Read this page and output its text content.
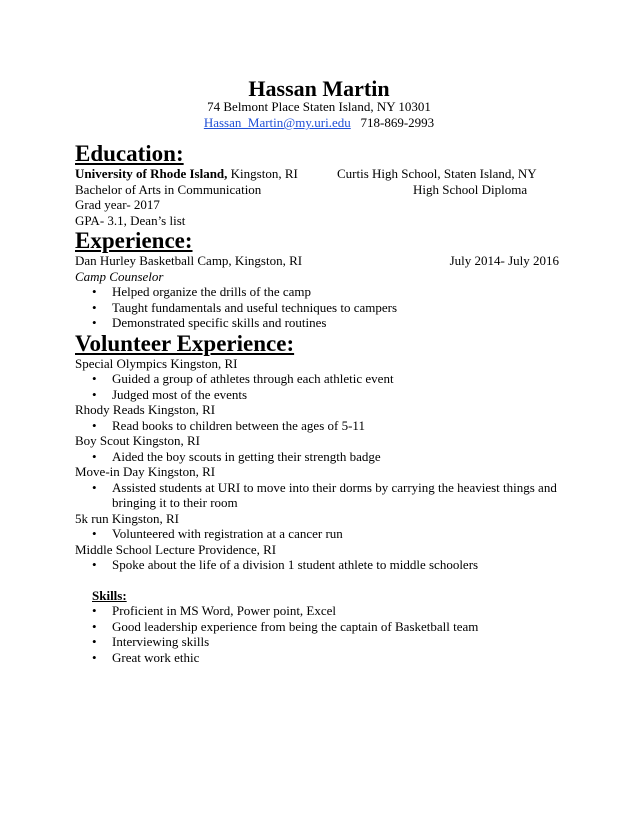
Hassan Martin
74 Belmont Place Staten Island, NY 10301
Hassan_Martin@my.uri.edu 718-869-2993
Education:
University of Rhode Island, Kingston, RI	Curtis High School, Staten Island, NY
Bachelor of Arts in Communication	High School Diploma
Grad year- 2017
GPA- 3.1, Dean’s list
Experience:
Dan Hurley Basketball Camp, Kingston, RI	July 2014- July 2016
Camp Counselor
• Helped organize the drills of the camp
• Taught fundamentals and useful techniques to campers
• Demonstrated specific skills and routines
Volunteer Experience:
Special Olympics Kingston, RI
• Guided a group of athletes through each athletic event
• Judged most of the events
Rhody Reads Kingston, RI
• Read books to children between the ages of 5-11
Boy Scout Kingston, RI
• Aided the boy scouts in getting their strength badge
Move-in Day Kingston, RI
• Assisted students at URI to move into their dorms by carrying the heaviest things and bringing it to their room
5k run Kingston, RI
• Volunteered with registration at a cancer run
Middle School Lecture Providence, RI
• Spoke about the life of a division 1 student athlete to middle schoolers
Skills:
• Proficient in MS Word, Power point, Excel
• Good leadership experience from being the captain of Basketball team
• Interviewing skills
• Great work ethic
